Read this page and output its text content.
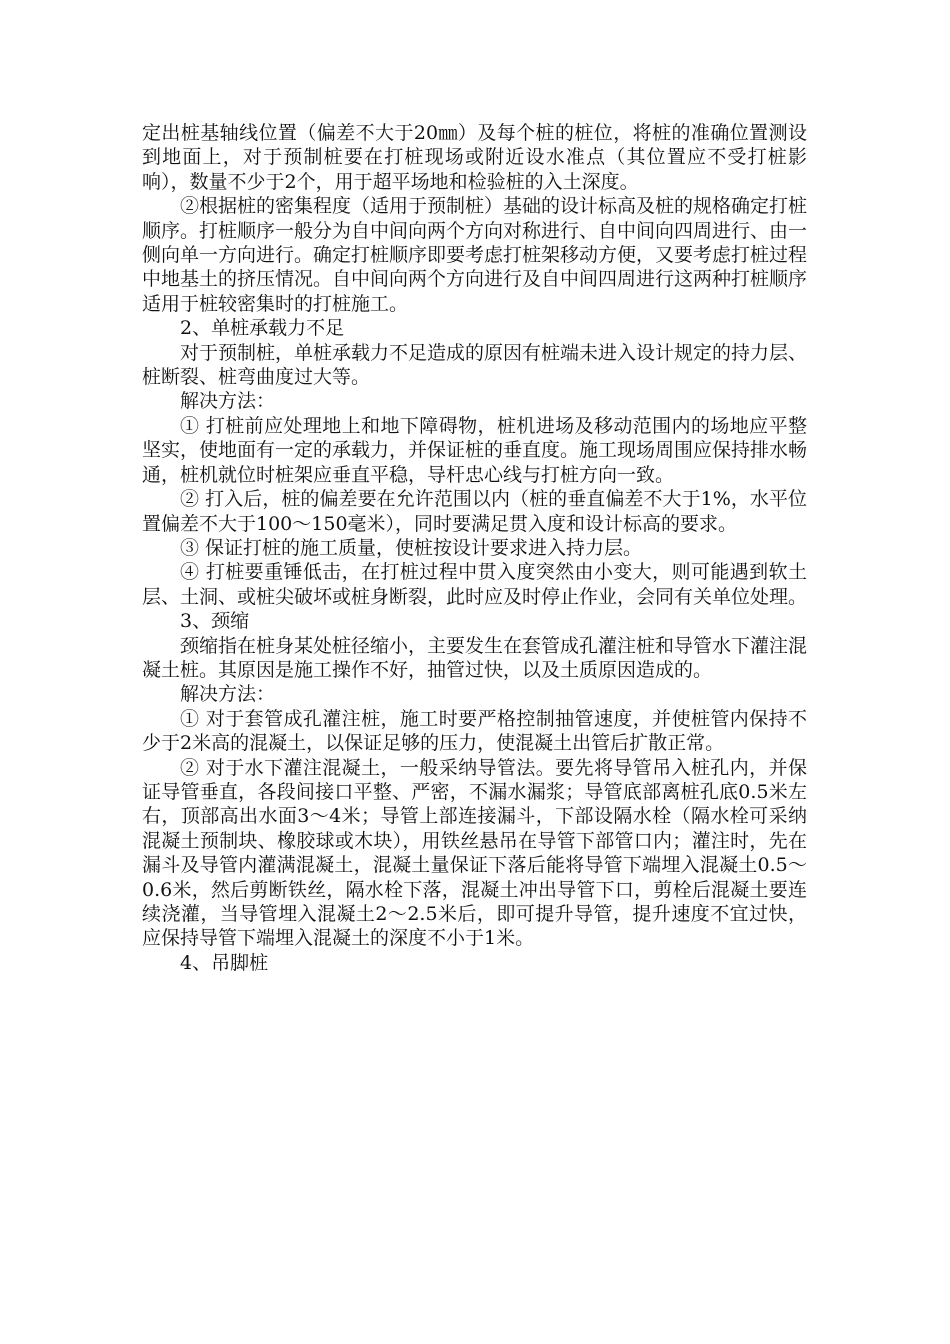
定出桩基轴线位置（偏差不大于20㎜）及每个桩的桩位，将桩的准确位置测设到地面上，对于预制桩要在打桩现场或附近设水准点（其位置应不受打桩影响），数量不少于2个，用于超平场地和检验桩的入土深度。

②根据桩的密集程度（适用于预制桩）基础的设计标高及桩的规格确定打桩顺序。打桩顺序一般分为自中间向两个方向对称进行、自中间向四周进行、由一侧向单一方向进行。确定打桩顺序即要考虑打桩架移动方便，又要考虑打桩过程中地基土的挤压情况。自中间向两个方向进行及自中间四周进行这两种打桩顺序适用于桩较密集时的打桩施工。

2、单桩承载力不足

对于预制桩，单桩承载力不足造成的原因有桩端未进入设计规定的持力层、桩断裂、桩弯曲度过大等。

解决方法：

① 打桩前应处理地上和地下障碍物，桩机进场及移动范围内的场地应平整坚实，使地面有一定的承载力，并保证桩的垂直度。施工现场周围应保持排水畅通，桩机就位时桩架应垂直平稳，导杆忠心线与打桩方向一致。

② 打入后，桩的偏差要在允许范围以内（桩的垂直偏差不大于1%，水平位置偏差不大于100～150毫米），同时要满足贯入度和设计标高的要求。

③ 保证打桩的施工质量，使桩按设计要求进入持力层。

④ 打桩要重锤低击，在打桩过程中贯入度突然由小变大，则可能遇到软土层、土洞、或桩尖破坏或桩身断裂，此时应及时停止作业，会同有关单位处理。

3、颈缩

颈缩指在桩身某处桩径缩小，主要发生在套管成孔灌注桩和导管水下灌注混凝土桩。其原因是施工操作不好，抽管过快，以及土质原因造成的。

解决方法：

① 对于套管成孔灌注桩，施工时要严格控制抽管速度，并使桩管内保持不少于2米高的混凝土，以保证足够的压力，使混凝土出管后扩散正常。

② 对于水下灌注混凝土，一般采纳导管法。要先将导管吊入桩孔内，并保证导管垂直，各段间接口平整、严密，不漏水漏浆；导管底部离桩孔底0.5米左右，顶部高出水面3～4米；导管上部连接漏斗，下部设隔水栓（隔水栓可采纳混凝土预制块、橡胶球或木块），用铁丝悬吊在导管下部管口内；灌注时，先在漏斗及导管内灌满混凝土，混凝土量保证下落后能将导管下端埋入混凝土0.5～0.6米，然后剪断铁丝，隔水栓下落，混凝土冲出导管下口，剪栓后混凝土要连续浇灌，当导管埋入混凝土2～2.5米后，即可提升导管，提升速度不宜过快，应保持导管下端埋入混凝土的深度不小于1米。

4、吊脚桩
